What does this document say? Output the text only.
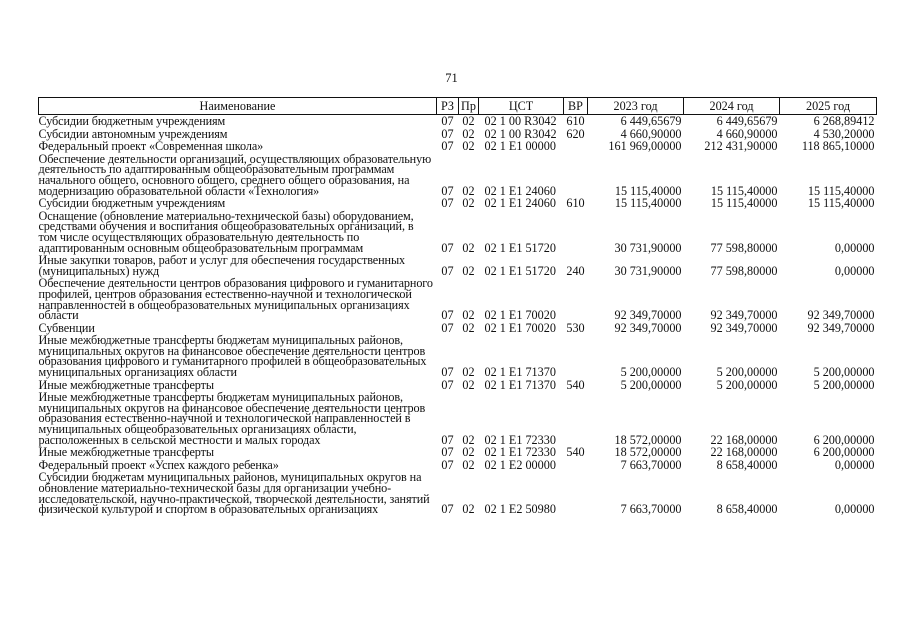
71
Наименование	РЗ	Пр	ЦСТ	ВР	2023 год	2024 год	2025 год
Субсидии бюджетным учреждениям	07	02	02 1 00 R3042	610	6 449,65679	6 449,65679	6 268,89412
Субсидии автономным учреждениям	07	02	02 1 00 R3042	620	4 660,90000	4 660,90000	4 530,20000
Федеральный проект «Современная школа»	07	02	02 1 E1 00000		161 969,00000	212 431,90000	118 865,10000
Обеспечение деятельности организаций, осуществляющих образовательную деятельность по адаптированным общеобразовательным программам начального общего, основного общего, среднего общего образования, на модернизацию образовательной области «Технология»	07	02	02 1 E1 24060		15 115,40000	15 115,40000	15 115,40000
Субсидии бюджетным учреждениям	07	02	02 1 E1 24060	610	15 115,40000	15 115,40000	15 115,40000
Оснащение (обновление материально-технической базы) оборудованием, средствами обучения и воспитания общеобразовательных организаций, в том числе осуществляющих образовательную деятельность по адаптированным основным общеобразовательным программам	07	02	02 1 E1 51720		30 731,90000	77 598,80000	0,00000
Иные закупки товаров, работ и услуг для обеспечения государственных (муниципальных) нужд	07	02	02 1 E1 51720	240	30 731,90000	77 598,80000	0,00000
Обеспечение деятельности центров образования цифрового и гуманитарного профилей, центров образования естественно-научной и технологической направленностей в общеобразовательных муниципальных организациях области	07	02	02 1 E1 70020		92 349,70000	92 349,70000	92 349,70000
Субвенции	07	02	02 1 E1 70020	530	92 349,70000	92 349,70000	92 349,70000
Иные межбюджетные трансферты бюджетам муниципальных районов, муниципальных округов на финансовое обеспечение деятельности центров образования цифрового и гуманитарного профилей в общеобразовательных муниципальных организациях области	07	02	02 1 E1 71370		5 200,00000	5 200,00000	5 200,00000
Иные межбюджетные трансферты	07	02	02 1 E1 71370	540	5 200,00000	5 200,00000	5 200,00000
Иные межбюджетные трансферты бюджетам муниципальных районов, муниципальных округов на финансовое обеспечение деятельности центров образования естественно-научной и технологической направленностей в муниципальных общеобразовательных организациях области, расположенных в сельской местности и малых городах	07	02	02 1 E1 72330		18 572,00000	22 168,00000	6 200,00000
Иные межбюджетные трансферты	07	02	02 1 E1 72330	540	18 572,00000	22 168,00000	6 200,00000
Федеральный проект «Успех каждого ребенка»	07	02	02 1 E2 00000		7 663,70000	8 658,40000	0,00000
Субсидии бюджетам муниципальных районов, муниципальных округов на обновление материально-технической базы для организации учебно-исследовательской, научно-практической, творческой деятельности, занятий физической культурой и спортом в образовательных организациях	07	02	02 1 E2 50980		7 663,70000	8 658,40000	0,00000
